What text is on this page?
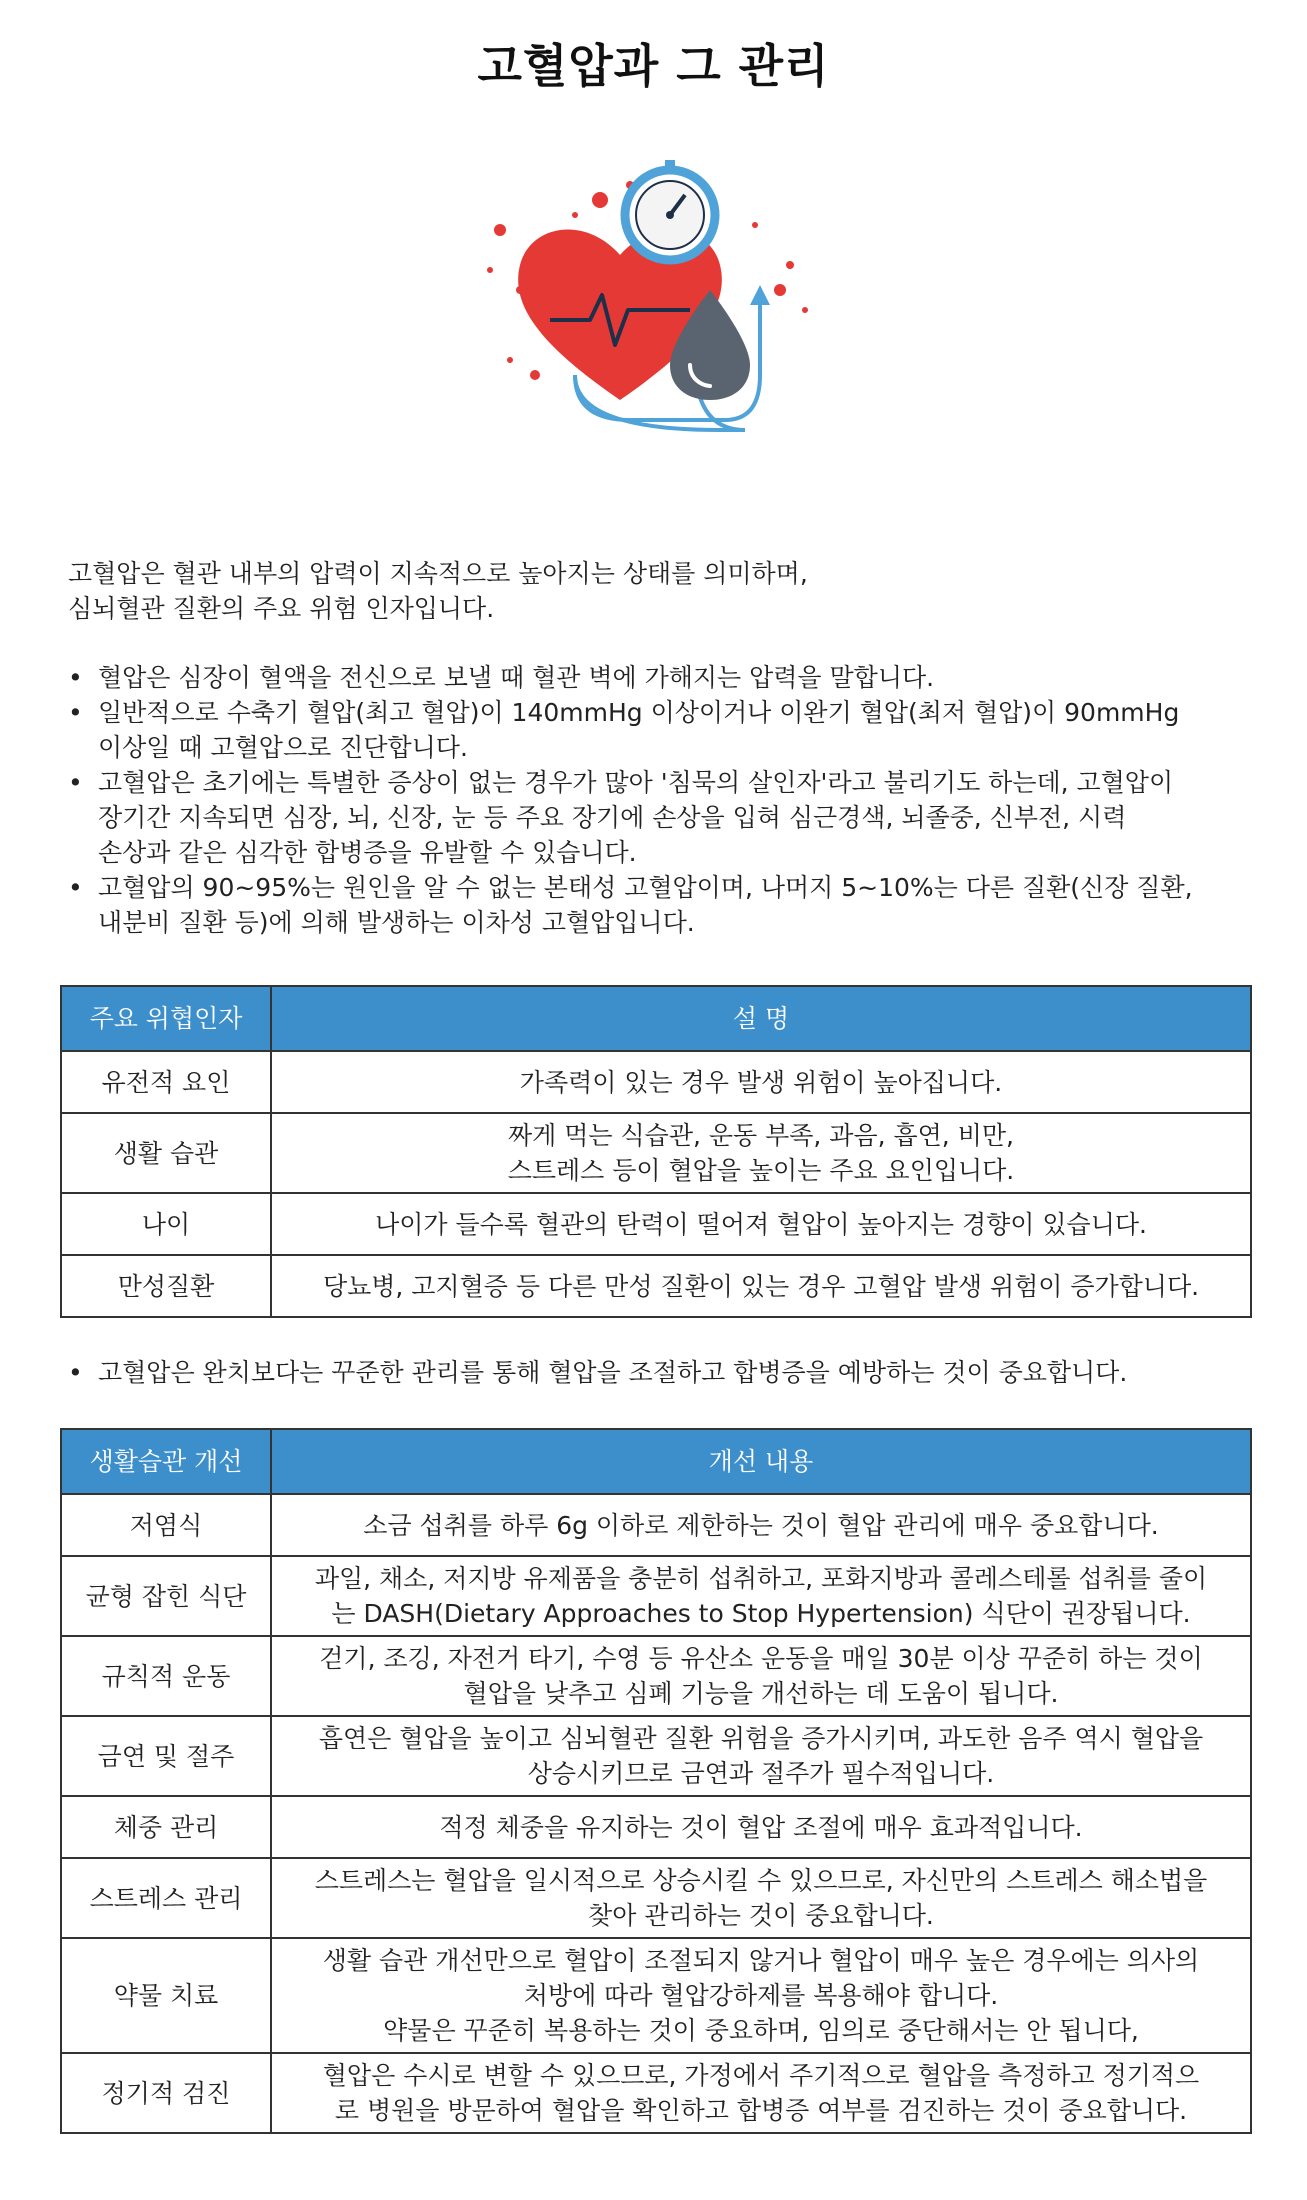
고혈압과 그 관리
고혈압은 혈관 내부의 압력이 지속적으로 높아지는 상태를 의미하며,
심뇌혈관 질환의 주요 위험 인자입니다.
• 혈압은 심장이 혈액을 전신으로 보낼 때 혈관 벽에 가해지는 압력을 말합니다.
• 일반적으로 수축기 혈압(최고 혈압)이 140mmHg 이상이거나 이완기 혈압(최저 혈압)이 90mmHg
이상일 때 고혈압으로 진단합니다.
• 고혈압은 초기에는 특별한 증상이 없는 경우가 많아 '침묵의 살인자'라고 불리기도 하는데, 고혈압이
장기간 지속되면 심장, 뇌, 신장, 눈 등 주요 장기에 손상을 입혀 심근경색, 뇌졸중, 신부전, 시력
손상과 같은 심각한 합병증을 유발할 수 있습니다.
• 고혈압의 90~95%는 원인을 알 수 없는 본태성 고혈압이며, 나머지 5~10%는 다른 질환(신장 질환,
내분비 질환 등)에 의해 발생하는 이차성 고혈압입니다.
주요 위협인자	설 명
유전적 요인	가족력이 있는 경우 발생 위험이 높아집니다.

생활 습관	짜게 먹는 식습관, 운동 부족, 과음, 흡연, 비만,
스트레스 등이 혈압을 높이는 주요 요인입니다.

나이	나이가 들수록 혈관의 탄력이 떨어져 혈압이 높아지는 경향이 있습니다.

만성질환	당뇨병, 고지혈증 등 다른 만성 질환이 있는 경우 고혈압 발생 위험이 증가합니다.
• 고혈압은 완치보다는 꾸준한 관리를 통해 혈압을 조절하고 합병증을 예방하는 것이 중요합니다.
생활습관 개선	개선 내용
저염식	소금 섭취를 하루 6g 이하로 제한하는 것이 혈압 관리에 매우 중요합니다.

균형 잡힌 식단	과일, 채소, 저지방 유제품을 충분히 섭취하고, 포화지방과 콜레스테롤 섭취를 줄이
는 DASH(Dietary Approaches to Stop Hypertension) 식단이 권장됩니다.

규칙적 운동	걷기, 조깅, 자전거 타기, 수영 등 유산소 운동을 매일 30분 이상 꾸준히 하는 것이
혈압을 낮추고 심폐 기능을 개선하는 데 도움이 됩니다.

금연 및 절주	흡연은 혈압을 높이고 심뇌혈관 질환 위험을 증가시키며, 과도한 음주 역시 혈압을
상승시키므로 금연과 절주가 필수적입니다.

체중 관리	적정 체중을 유지하는 것이 혈압 조절에 매우 효과적입니다.

스트레스 관리	스트레스는 혈압을 일시적으로 상승시킬 수 있으므로, 자신만의 스트레스 해소법을
찾아 관리하는 것이 중요합니다.

약물 치료	생활 습관 개선만으로 혈압이 조절되지 않거나 혈압이 매우 높은 경우에는 의사의
처방에 따라 혈압강하제를 복용해야 합니다.
약물은 꾸준히 복용하는 것이 중요하며, 임의로 중단해서는 안 됩니다,

정기적 검진	혈압은 수시로 변할 수 있으므로, 가정에서 주기적으로 혈압을 측정하고 정기적으
로 병원을 방문하여 혈압을 확인하고 합병증 여부를 검진하는 것이 중요합니다.
